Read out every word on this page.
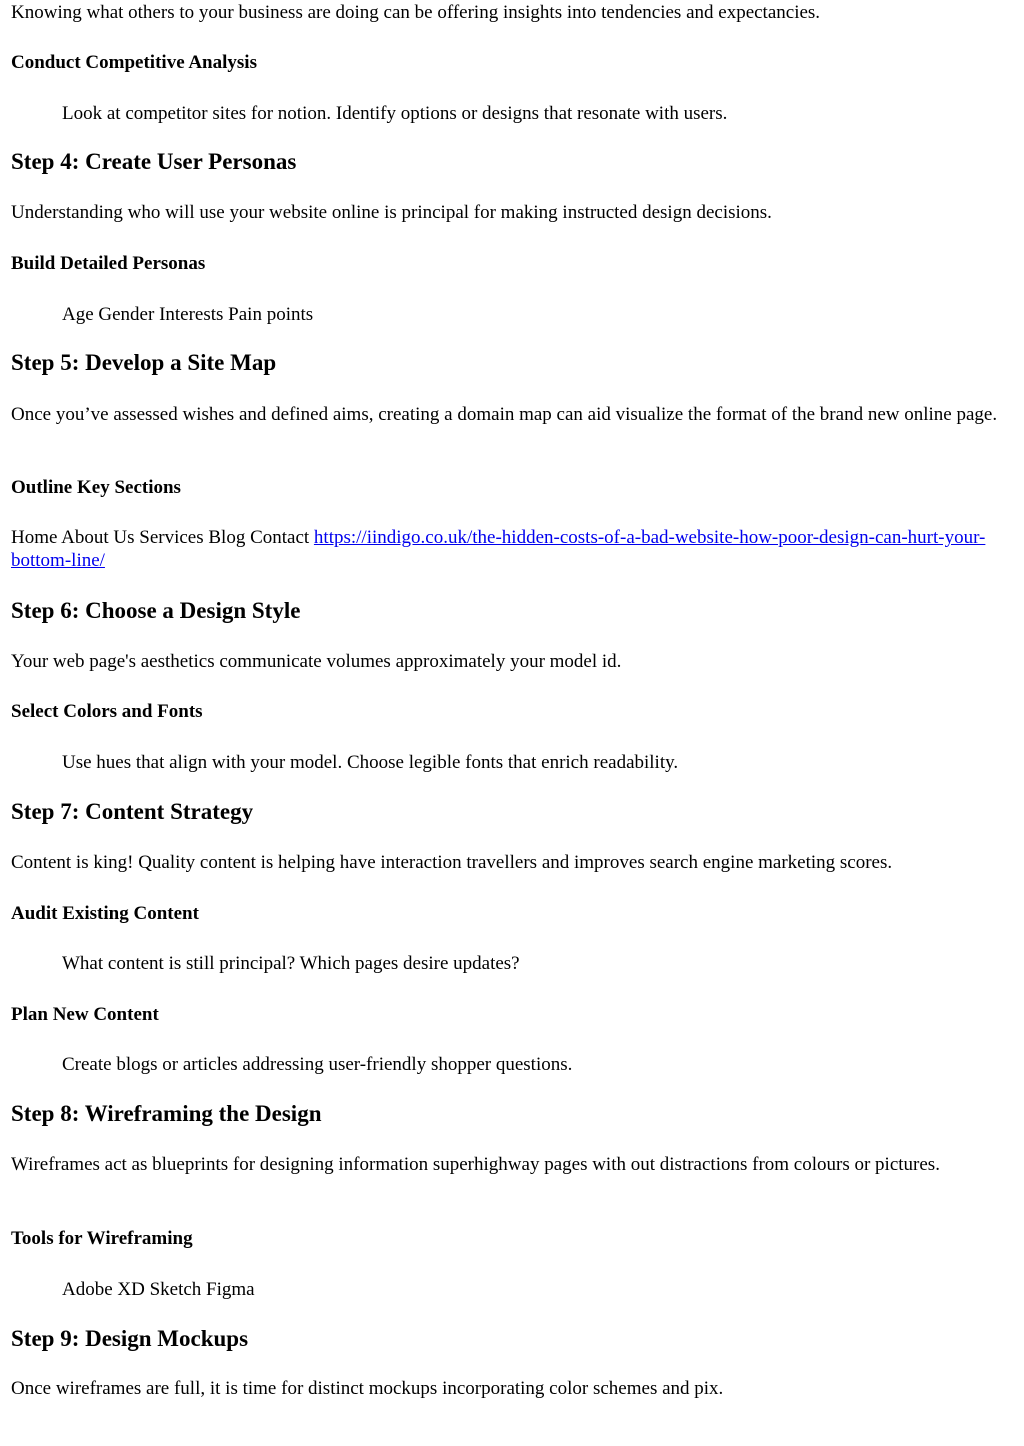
Knowing what others to your business are doing can be offering insights into tendencies and expectancies.

Conduct Competitive Analysis

Look at competitor sites for notion. Identify options or designs that resonate with users.

Step 4: Create User Personas

Understanding who will use your website online is principal for making instructed design decisions.

Build Detailed Personas

Age Gender Interests Pain points

Step 5: Develop a Site Map

Once you’ve assessed wishes and defined aims, creating a domain map can aid visualize the format of the brand new online page.

Outline Key Sections

Home About Us Services Blog Contact https://iindigo.co.uk/the-hidden-costs-of-a-bad-website-how-poor-design-can-hurt-your-bottom-line/

Step 6: Choose a Design Style

Your web page's aesthetics communicate volumes approximately your model id.

Select Colors and Fonts

Use hues that align with your model. Choose legible fonts that enrich readability.

Step 7: Content Strategy

Content is king! Quality content is helping have interaction travellers and improves search engine marketing scores.

Audit Existing Content

What content is still principal? Which pages desire updates?

Plan New Content

Create blogs or articles addressing user-friendly shopper questions.

Step 8: Wireframing the Design

Wireframes act as blueprints for designing information superhighway pages with out distractions from colours or pictures.

Tools for Wireframing

Adobe XD Sketch Figma

Step 9: Design Mockups

Once wireframes are full, it is time for distinct mockups incorporating color schemes and pix.
